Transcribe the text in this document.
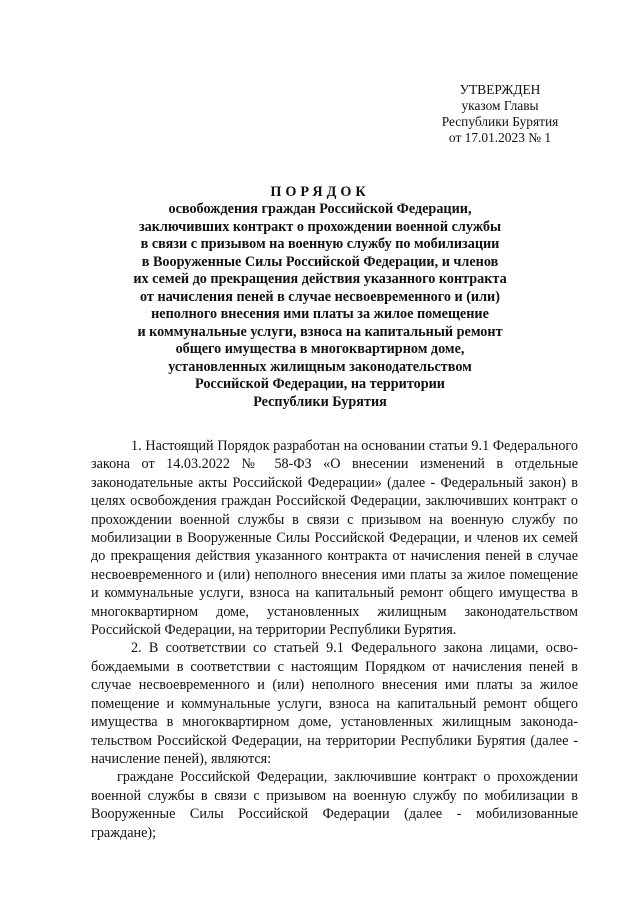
УТВЕРЖДЕН
указом Главы
Республики Бурятия
от 17.01.2023 № 1
ПОРЯДОК
освобождения граждан Российской Федерации,
заключивших контракт о прохождении военной службы
в связи с призывом на военную службу по мобилизации
в Вооруженные Силы Российской Федерации, и членов
их семей до прекращения действия указанного контракта
от начисления пеней в случае несвоевременного и (или)
неполного внесения ими платы за жилое помещение
и коммунальные услуги, взноса на капитальный ремонт
общего имущества в многоквартирном доме,
установленных жилищным законодательством
Российской Федерации, на территории
Республики Бурятия

1. Настоящий Порядок разработан на основании статьи 9.1 Федерального закона от 14.03.2022 № 58-ФЗ «О внесении изменений в отдельные законодательные акты Российской Федерации» (далее - Федеральный закон) в целях освобождения граждан Российской Федерации, заключивших контракт о прохождении военной службы в связи с призывом на военную службу по мобилизации в Вооруженные Силы Российской Федерации, и членов их семей до прекращения действия указанного контракта от начисления пеней в случае несвоевременного и (или) неполного внесения ими платы за жилое помещение и коммунальные услуги, взноса на капитальный ремонт общего имущества в многоквартирном доме, установленных жилищным законодательством Российской Федерации, на территории Республики Бурятия.

2. В соответствии со статьей 9.1 Федерального закона лицами, освобождаемыми в соответствии с настоящим Порядком от начисления пеней в случае несвоевременного и (или) неполного внесения ими платы за жилое помещение и коммунальные услуги, взноса на капитальный ремонт общего имущества в многоквартирном доме, установленных жилищным законодательством Российской Федерации, на территории Республики Бурятия (далее - начисление пеней), являются:

граждане Российской Федерации, заключившие контракт о прохождении военной службы в связи с призывом на военную службу по мобилизации в Вооруженные Силы Российской Федерации (далее - мобилизованные граждане);
